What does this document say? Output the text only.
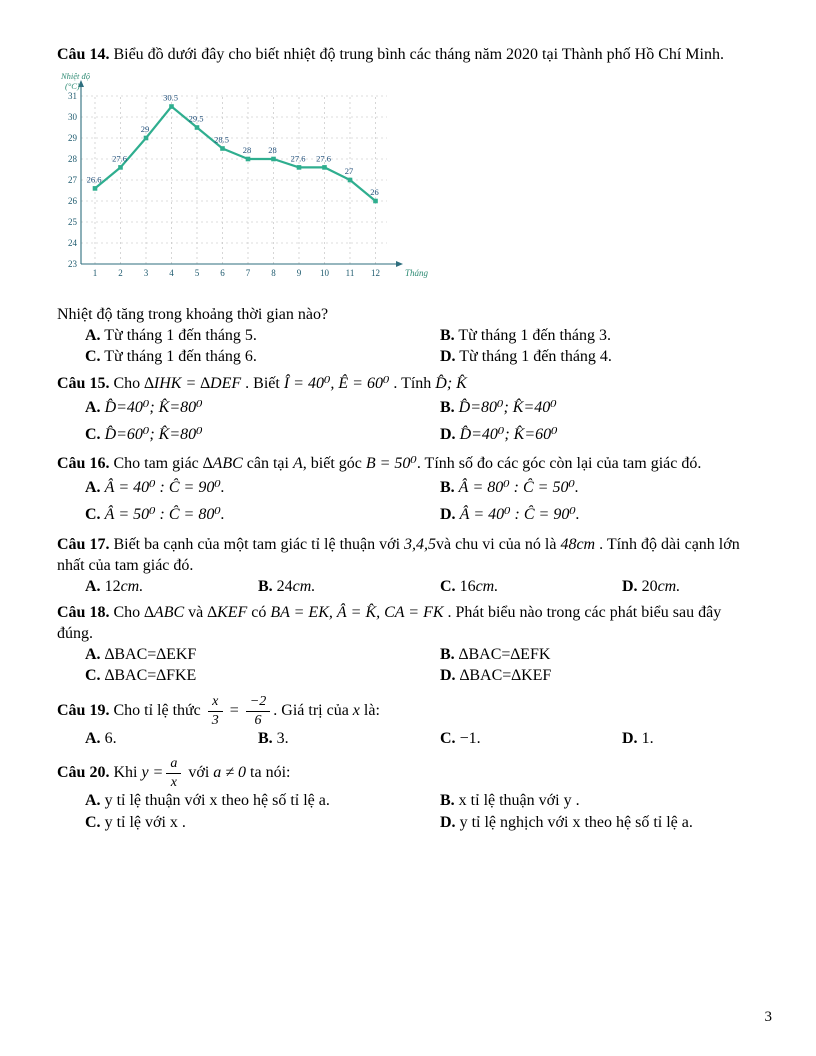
Câu 14. Biểu đồ dưới đây cho biết nhiệt độ trung bình các tháng năm 2020 tại Thành phố Hồ Chí Minh.

23
24
25
26
27
28
29
30
31
1 2 3 4 5 6 7 8 9 10 11 12
26.6
27.6
29
30.5
29.5
28.5
28 28
27.6 27.6
27
26
Nhiệt độ
(°C)
Tháng

Nhiệt độ tăng trong khoảng thời gian nào?

A. Từ tháng 1 đến tháng 5.	B. Từ tháng 1 đến tháng 3.
C. Từ tháng 1 đến tháng 6.	D. Từ tháng 1 đến tháng 4.

Câu 15. Cho ∆IHK = ∆DEF . Biết Î = 40⁰, Ê = 60⁰ . Tính D̂; K̂

A. D̂=40⁰; K̂=80⁰	B. D̂=80⁰; K̂=40⁰
C. D̂=60⁰; K̂=80⁰	D. D̂=40⁰; K̂=60⁰

Câu 16. Cho tam giác ∆ABC cân tại A, biết góc B = 50⁰. Tính số đo các góc còn lại của tam giác đó.

A. Â = 40⁰ : Ĉ = 90⁰.	B. Â = 80⁰ : Ĉ = 50⁰.
C. Â = 50⁰ : Ĉ = 80⁰.	D. Â = 40⁰ : Ĉ = 90⁰.

Câu 17. Biết ba cạnh của một tam giác tỉ lệ thuận với 3,4,5và chu vi của nó là 48cm . Tính độ dài cạnh lớn nhất của tam giác đó.

A. 12cm.	B. 24cm.	C. 16cm.	D. 20cm.

Câu 18. Cho ∆ABC và ∆KEF có BA = EK, Â = K̂, CA = FK . Phát biểu nào trong các phát biểu sau đây đúng.

A. ∆BAC=∆EKF	B. ∆BAC=∆EFK
C. ∆BAC=∆FKE	D. ∆BAC=∆KEF

Câu 19. Cho tỉ lệ thức $\frac{x}{3} = \frac{-2}{6}$ . Giá trị của x là:

A. 6.	B. 3.	C. −1.	D. 1.

Câu 20. Khi $y = \frac{a}{x}$ với a ≠ 0 ta nói:

A. y tỉ lệ thuận với x theo hệ số tỉ lệ a.	B. x tỉ lệ thuận với y .
C. y tỉ lệ với x .	D. y tỉ lệ nghịch với x theo hệ số tỉ lệ a.
3
